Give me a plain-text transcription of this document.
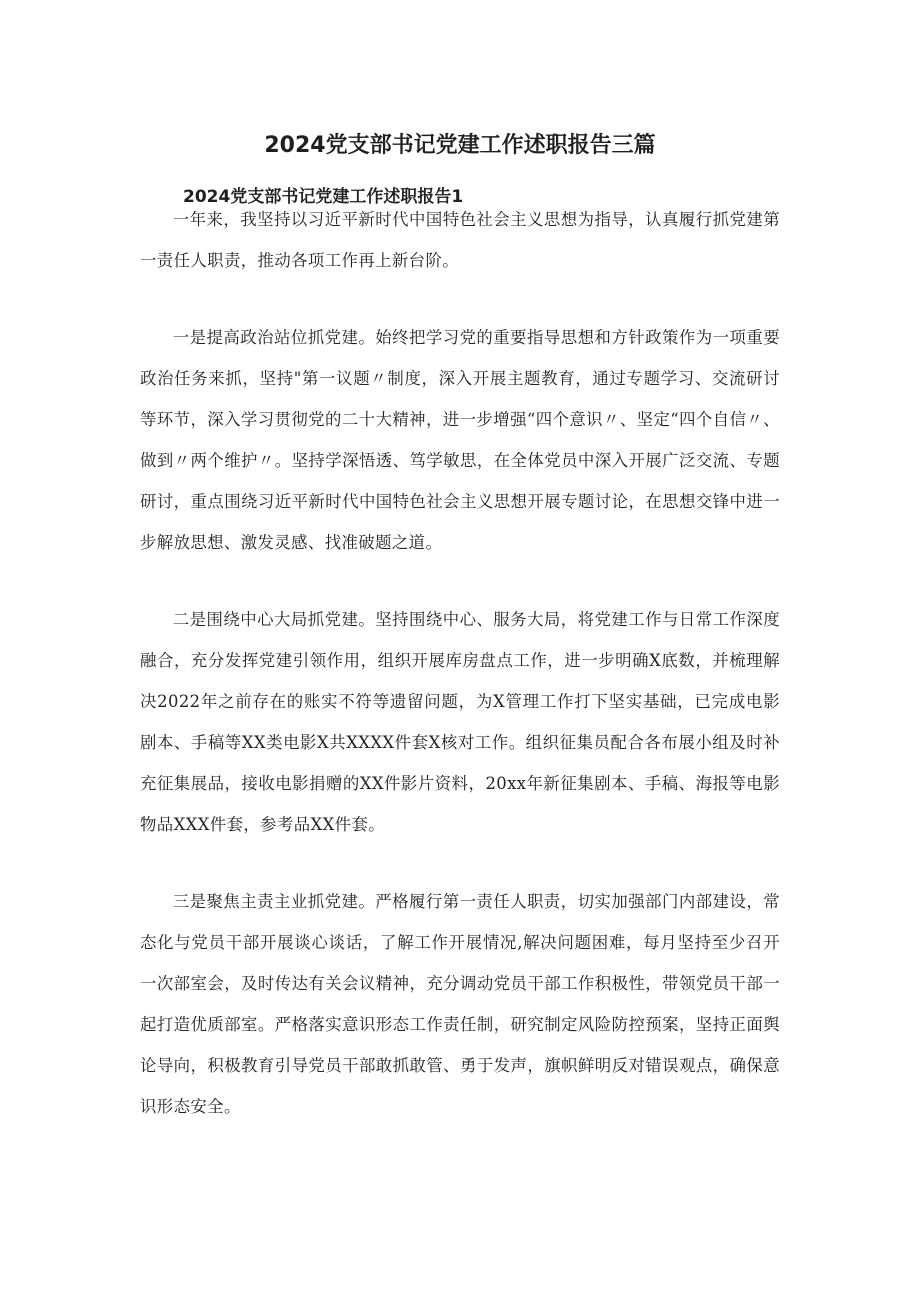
2024党支部书记党建工作述职报告三篇
2024党支部书记党建工作述职报告1

一年来，我坚持以习近平新时代中国特色社会主义思想为指导，认真履行抓党建第一责任人职责，推动各项工作再上新台阶。

一是提高政治站位抓党建。始终把学习党的重要指导思想和方针政策作为一项重要政治任务来抓，坚持"第一议题〃制度，深入开展主题教育，通过专题学习、交流研讨等环节，深入学习贯彻党的二十大精神，进一步增强“四个意识〃、坚定“四个自信〃、做到〃两个维护〃。坚持学深悟透、笃学敏思，在全体党员中深入开展广泛交流、专题研讨，重点围绕习近平新时代中国特色社会主义思想开展专题讨论，在思想交锋中进一步解放思想、激发灵感、找准破题之道。

二是围绕中心大局抓党建。坚持围绕中心、服务大局，将党建工作与日常工作深度融合，充分发挥党建引领作用，组织开展库房盘点工作，进一步明确X底数，并梳理解决2022年之前存在的账实不符等遗留问题，为X管理工作打下坚实基础，已完成电影剧本、手稿等XX类电影X共XXXX件套X核对工作。组织征集员配合各布展小组及时补充征集展品，接收电影捐赠的XX件影片资料，20xx年新征集剧本、手稿、海报等电影物品XXX件套，参考品XX件套。

三是聚焦主责主业抓党建。严格履行第一责任人职责，切实加强部门内部建设，常态化与党员干部开展谈心谈话，了解工作开展情况,解决问题困难，每月坚持至少召开一次部室会，及时传达有关会议精神，充分调动党员干部工作积极性，带领党员干部一起打造优质部室。严格落实意识形态工作责任制，研究制定风险防控预案，坚持正面舆论导向，积极教育引导党员干部敢抓敢管、勇于发声，旗帜鲜明反对错误观点，确保意识形态安全。
